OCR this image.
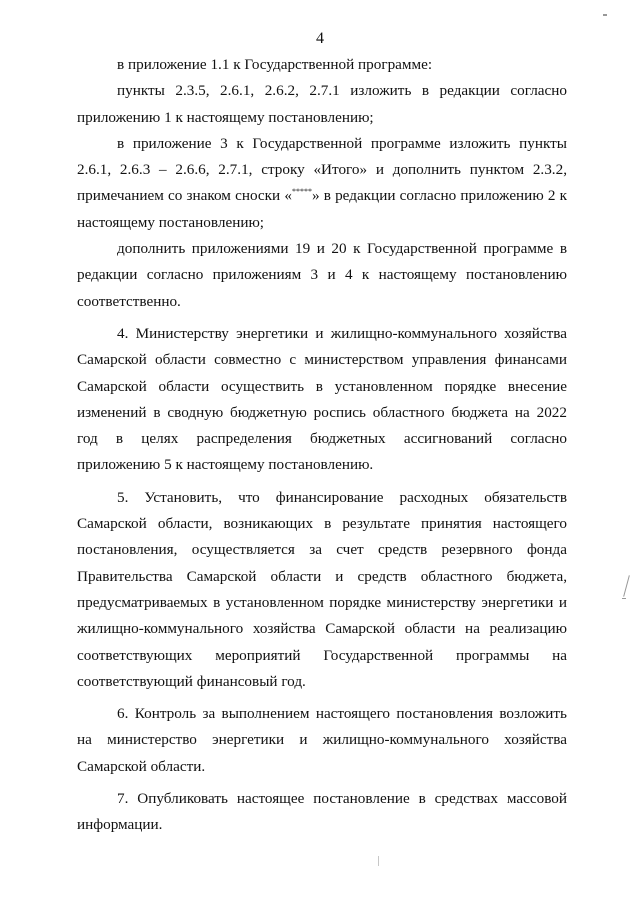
4

в приложение 1.1 к Государственной программе:

пункты 2.3.5, 2.6.1, 2.6.2, 2.7.1 изложить в редакции согласно приложению 1 к настоящему постановлению;

в приложение 3 к Государственной программе изложить пункты 2.6.1, 2.6.3 – 2.6.6, 2.7.1, строку «Итого» и дополнить пунктом 2.3.2, примечанием со знаком сноски «*****» в редакции согласно приложению 2 к настоящему постановлению;

дополнить приложениями 19 и 20 к Государственной программе в редакции согласно приложениям 3 и 4 к настоящему постановлению соответственно.

4. Министерству энергетики и жилищно-коммунального хозяйства Самарской области совместно с министерством управления финансами Самарской области осуществить в установленном порядке внесение изменений в сводную бюджетную роспись областного бюджета на 2022 год в целях распределения бюджетных ассигнований согласно приложению 5 к настоящему постановлению.

5. Установить, что финансирование расходных обязательств Самарской области, возникающих в результате принятия настоящего постановления, осуществляется за счет средств резервного фонда Правительства Самарской области и средств областного бюджета, предусматриваемых в установленном порядке министерству энергетики и жилищно-коммунального хозяйства Самарской области на реализацию соответствующих мероприятий Государственной программы на соответствующий финансовый год.

6. Контроль за выполнением настоящего постановления возложить на министерство энергетики и жилищно-коммунального хозяйства Самарской области.

7. Опубликовать настоящее постановление в средствах массовой информации.
